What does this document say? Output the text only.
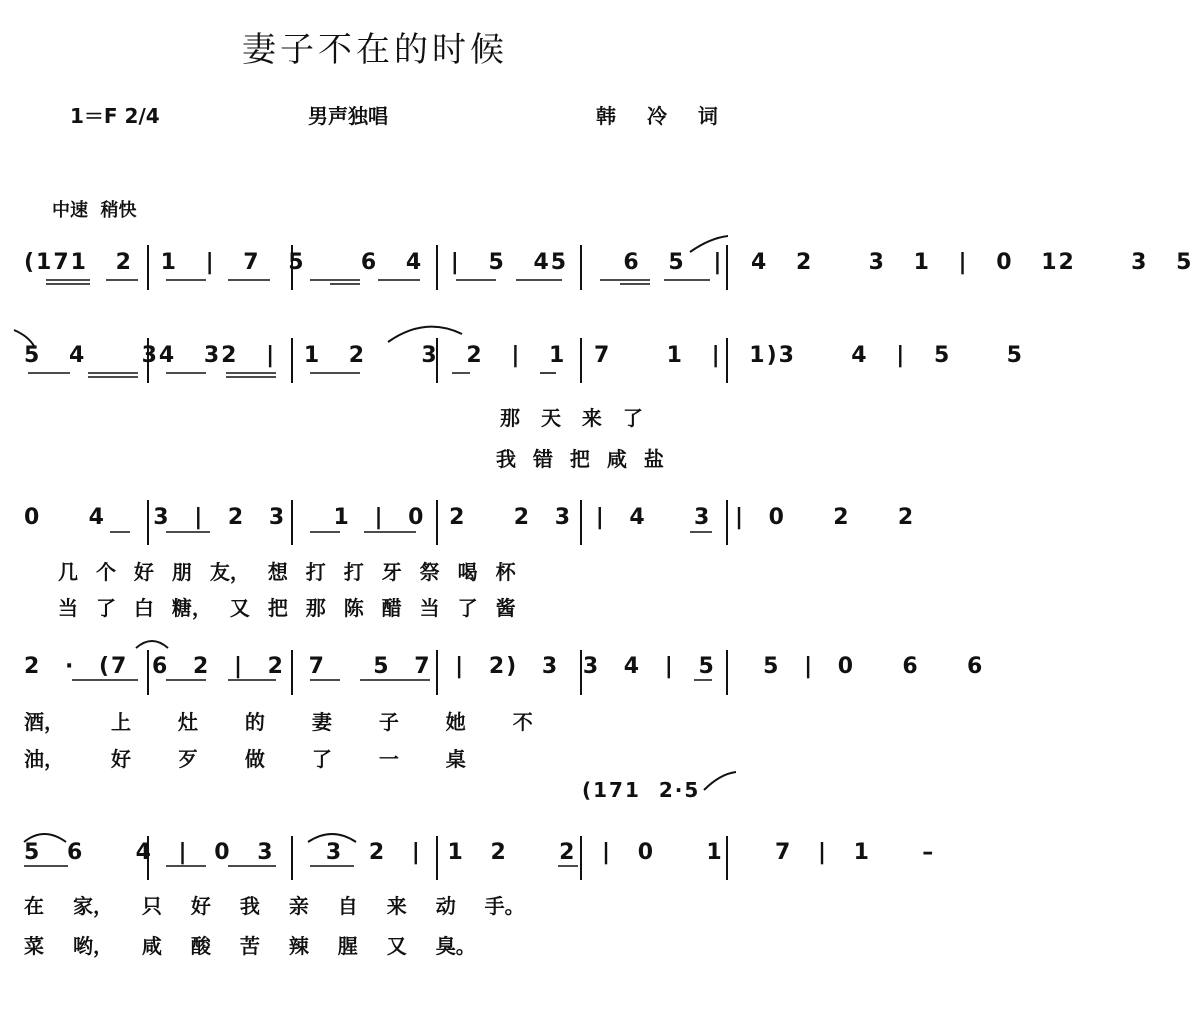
妻子不在的时候
1＝F 2/4	男声独唱	韩 冷 词
中速  稍快
(171 2 1 | 7 5  6 4 | 5 45  6 5 | 4 2  3 1 | 0 12  3 5
5 4  34 32 | 1 2  3 2 | 1 7  1 | 1)3  4 | 5  5
那 天 来 了
我 错 把 咸 盐
0  4  3 | 2 3  1 | 0 2  2 3 | 4  3 | 0  2  2
几 个 好 朋 友， 想 打 打 牙 祭 喝 杯
当 了 白 糖， 又 把 那 陈 醋 当 了 酱
2 · (7 6 2 | 2 7  5 7 | 2) 3 3 4 | 5  5 | 0  6  6
酒， 上 灶 的 妻 子 她 不
油， 好 歹 做 了 一 桌
(171  2·5
5 6  4 | 0 3  3 2 | 1 2  2 | 0  1  7 | 1  –
在 家， 只 好 我 亲 自 来 动 手。
菜 哟， 咸 酸 苦 辣 腥 又 臭。
